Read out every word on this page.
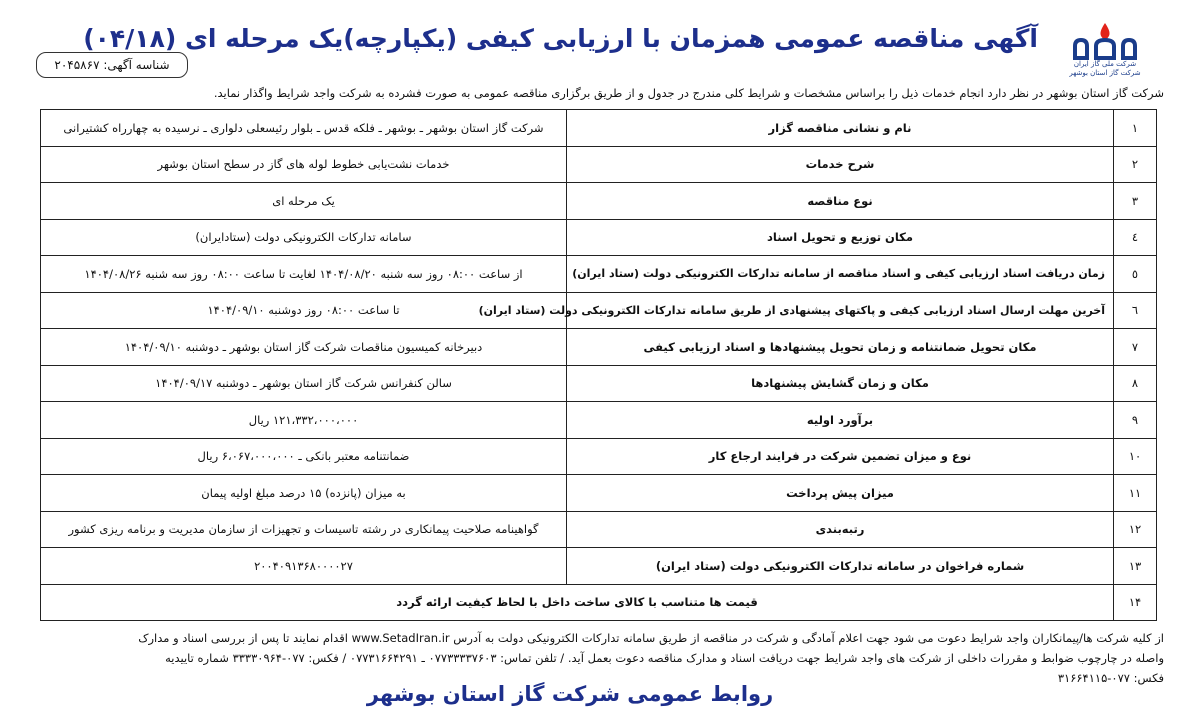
شرکت ملی گاز ایران
شرکت گاز استان بوشهر
آگهی مناقصه عمومی همزمان با ارزیابی کیفی (یکپارچه)یک مرحله ای (۰۴/۱۸)
شناسه آگهی: ۲۰۴۵۸۶۷
شرکت گاز استان بوشهر در نظر دارد انجام خدمات ذیل را براساس مشخصات و شرایط کلی مندرج در جدول و از طریق برگزاری مناقصه عمومی به صورت فشرده به شرکت واجد شرایط واگذار نماید.
۱	نام و نشانی مناقصه گزار	شرکت گاز استان بوشهر ـ بوشهر ـ فلکه قدس ـ بلوار رئیسعلی دلواری ـ نرسیده به چهارراه کشتیرانی
۲	شرح خدمات	خدمات نشت‌یابی خطوط لوله های گاز در سطح استان بوشهر
۳	نوع مناقصه	یک مرحله ای
٤	مکان توزیع و تحویل اسناد	سامانه تدارکات الکترونیکی دولت (ستادایران)
٥	زمان دریافت اسناد ارزیابی کیفی و اسناد مناقصه از سامانه تدارکات الکترونیکی دولت (ستاد ایران)	از ساعت ۰۸:۰۰ روز سه شنبه ۱۴۰۴/۰۸/۲۰ لغایت تا ساعت ۰۸:۰۰ روز سه شنبه ۱۴۰۴/۰۸/۲۶
٦	آخرین مهلت ارسال اسناد ارزیابی کیفی و پاکتهای پیشنهادی از طریق سامانه تدارکات الکترونیکی دولت (ستاد ایران)	تا ساعت ۰۸:۰۰ روز دوشنبه ۱۴۰۴/۰۹/۱۰
۷	مکان تحویل ضمانتنامه و زمان تحویل پیشنهادها و اسناد ارزیابی کیفی	دبیرخانه کمیسیون مناقصات شرکت گاز استان بوشهر ـ دوشنبه ۱۴۰۴/۰۹/۱۰
۸	مکان و زمان گشایش پیشنهادها	سالن کنفرانس شرکت گاز استان بوشهر ـ دوشنبه ۱۴۰۴/۰۹/۱۷
۹	برآورد اولیه	۱۲۱،۳۳۲،۰۰۰،۰۰۰ ریال
۱۰	نوع و میزان تضمین شرکت در فرایند ارجاع کار	ضمانتنامه معتبر بانکی ـ ۶،۰۶۷،۰۰۰،۰۰۰ ریال
۱۱	میزان پیش پرداخت	به میزان (پانزده) ۱۵ درصد مبلغ اولیه پیمان
۱۲	رتبه‌بندی	گواهینامه صلاحیت پیمانکاری در رشته تاسیسات و تجهیزات از سازمان مدیریت و برنامه ریزی کشور
۱۳	شماره فراخوان در سامانه تدارکات الکترونیکی دولت (ستاد ایران)	۲۰۰۴۰۹۱۳۶۸۰۰۰۰۲۷
۱۴	قیمت ها متناسب با کالای ساخت داخل با لحاظ کیفیت ارائه گردد	
از کلیه شرکت ها/پیمانکاران واجد شرایط دعوت می شود جهت اعلام آمادگی و شرکت در مناقصه از طریق سامانه تدارکات الکترونیکی دولت به آدرس www.SetadIran.ir اقدام نمایند تا پس از بررسی اسناد و مدارک
واصله در چارچوب ضوابط و مقررات داخلی از شرکت های واجد شرایط جهت دریافت اسناد و مدارک مناقصه دعوت بعمل آید. / تلفن تماس: ۰۷۷۳۳۳۳۷۶۰۳ ـ ۰۷۷۳۱۶۶۴۲۹۱ / فکس: ۰۷۷-۳۳۳۳۰۹۶۴ شماره تاییدیه
فکس: ۰۷۷-۳۱۶۶۴۱۱۵
روابط عمومی شرکت گاز استان بوشهر
